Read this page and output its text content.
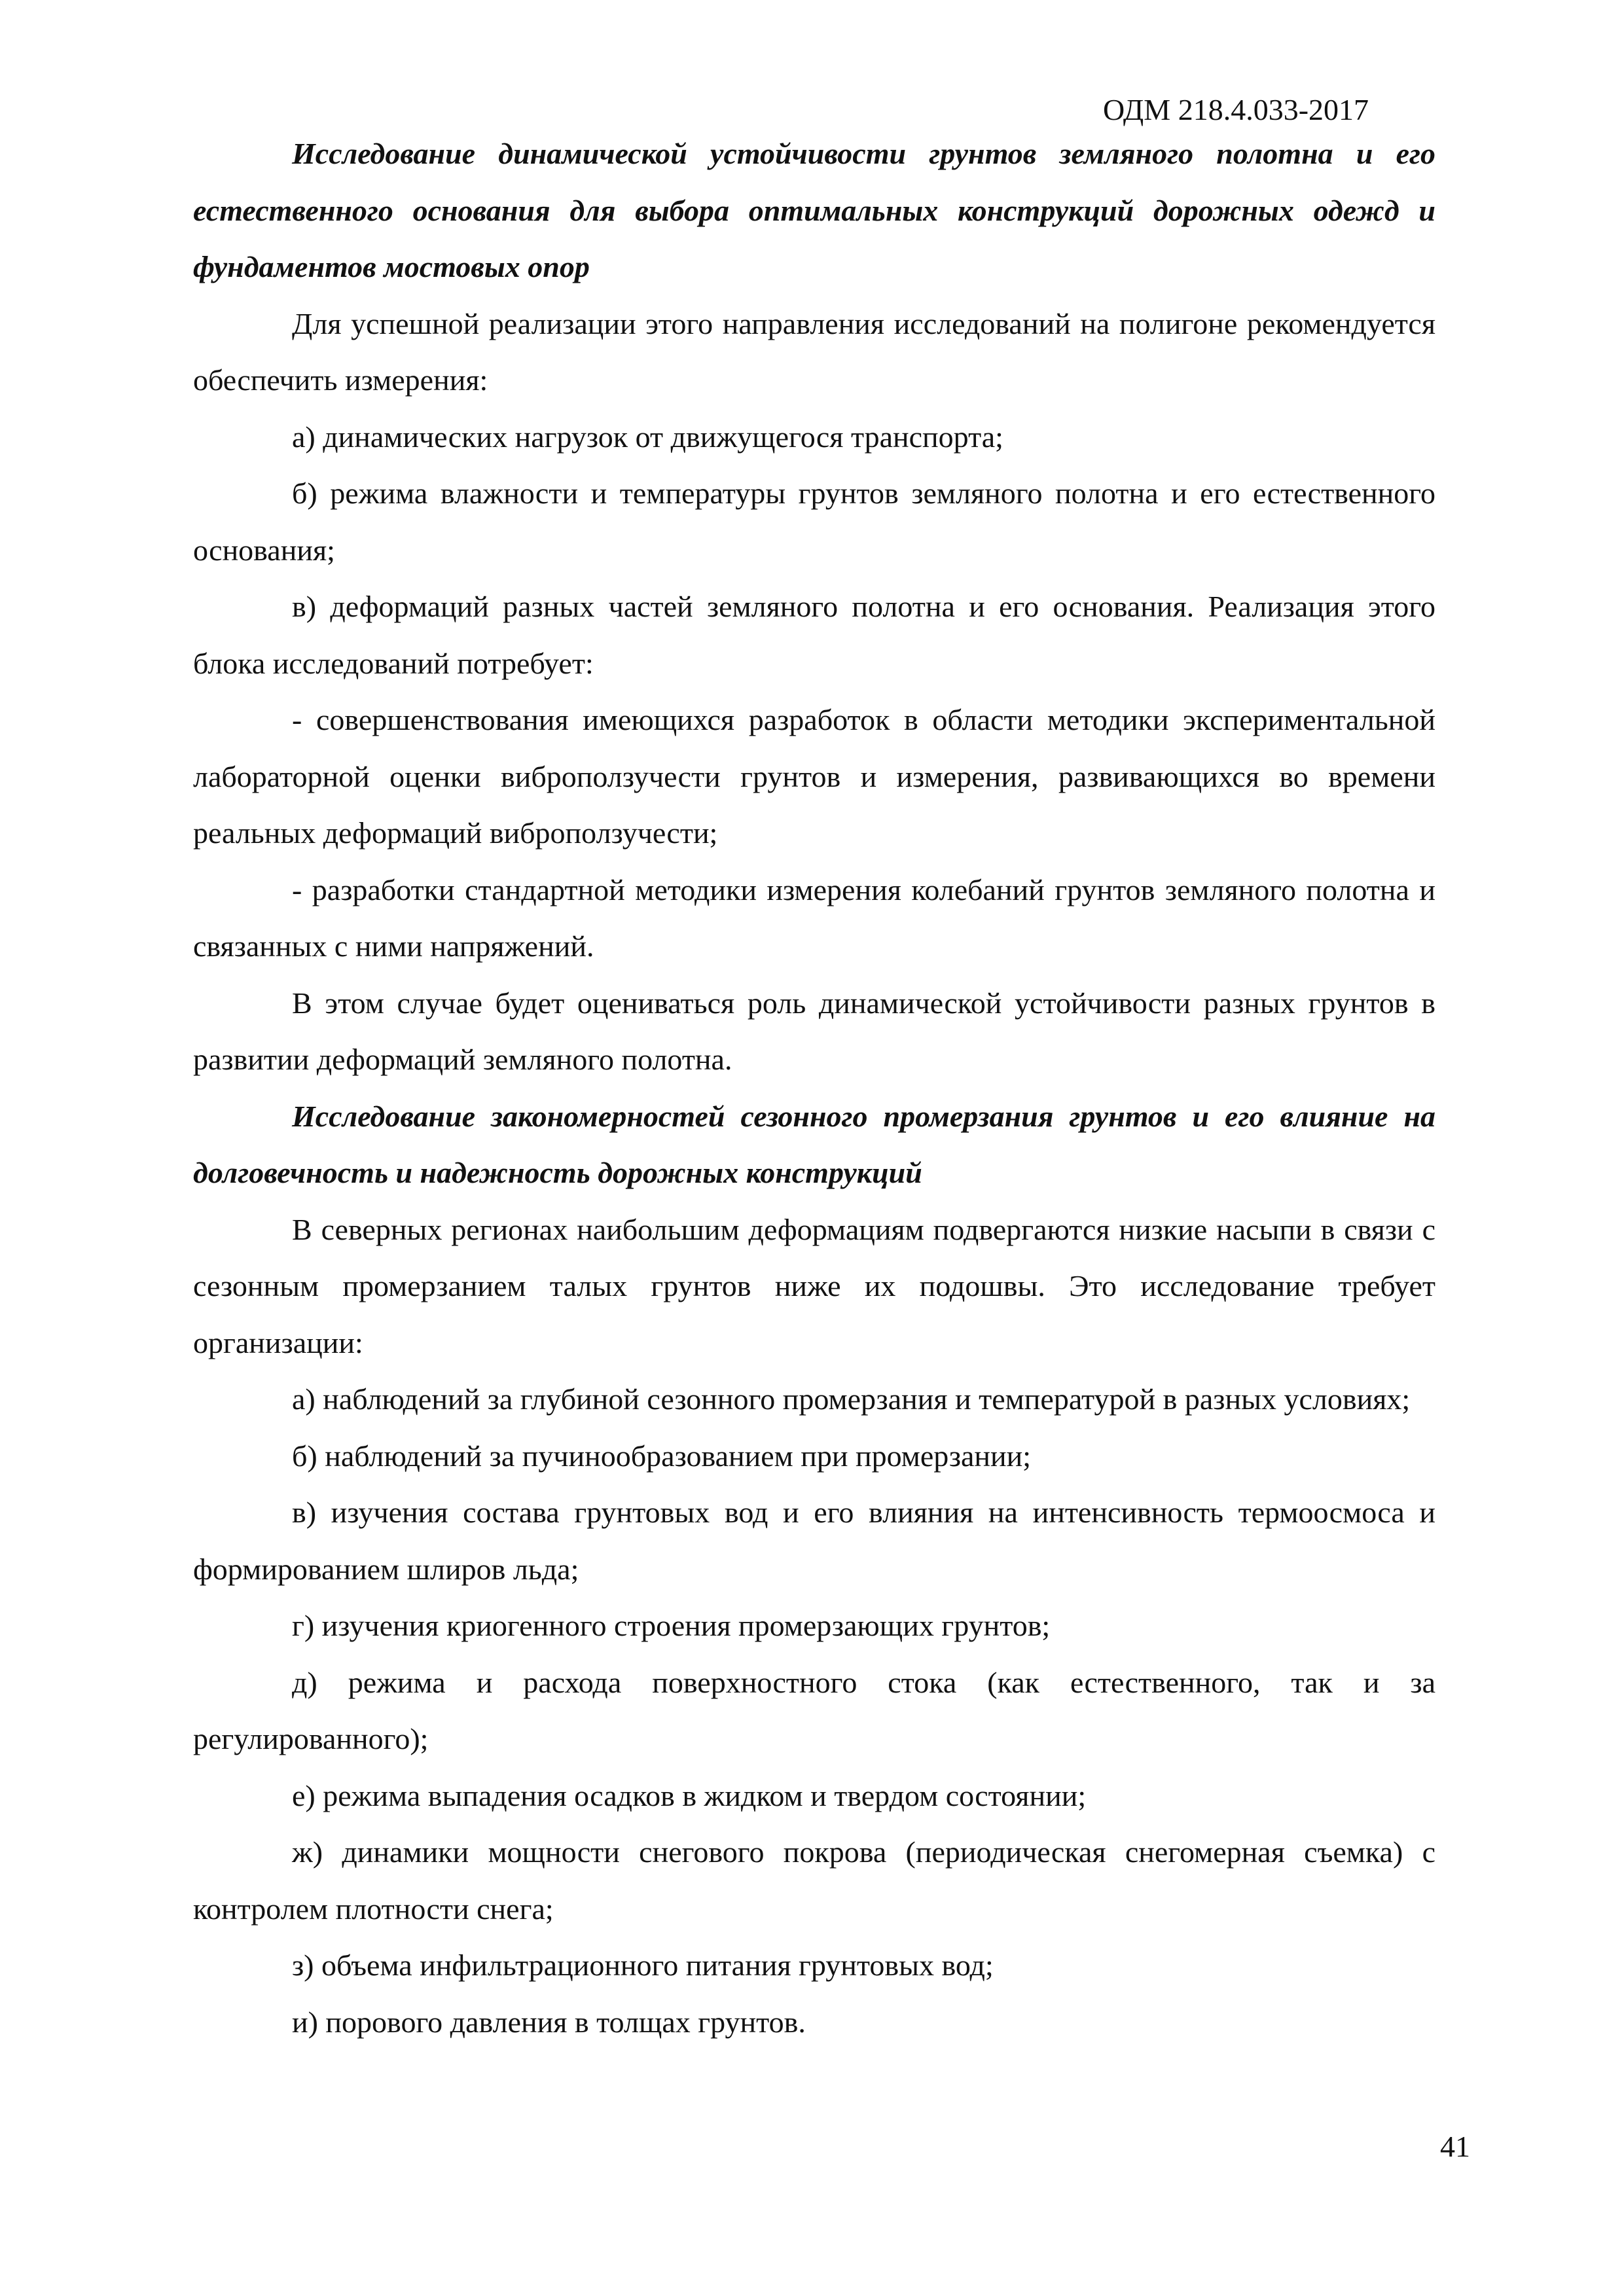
ОДМ 218.4.033-2017

Исследование динамической устойчивости грунтов земляного полотна и его естественного основания для выбора оптимальных конструкций дорожных одежд и фундаментов мостовых опор

Для успешной реализации этого направления исследований на полигоне рекомендуется обеспечить измерения:

а) динамических нагрузок от движущегося транспорта;

б) режима влажности и температуры грунтов земляного полотна и его естественного основания;

в) деформаций разных частей земляного полотна и его основания. Реализация этого блока исследований потребует:

- совершенствования имеющихся разработок в области методики экспериментальной лабораторной оценки виброползучести грунтов и измерения, развивающихся во времени реальных деформаций виброползучести;

- разработки стандартной методики измерения колебаний грунтов земляного полотна и связанных с ними напряжений.

В этом случае будет оцениваться роль динамической устойчивости разных грунтов в развитии деформаций земляного полотна.

Исследование закономерностей сезонного промерзания грунтов и его влияние на долговечность и надежность дорожных конструкций

В северных регионах наибольшим деформациям подвергаются низкие насыпи в связи с сезонным промерзанием талых грунтов ниже их подошвы. Это исследование требует организации:

а) наблюдений за глубиной сезонного промерзания и температурой в разных условиях;

б) наблюдений за пучинообразованием при промерзании;

в) изучения состава грунтовых вод и его влияния на интенсивность термоосмоса и формированием шлиров льда;

г) изучения криогенного строения промерзающих грунтов;

д) режима и расхода поверхностного стока (как естественного, так и за регулированного);

е) режима выпадения осадков в жидком и твердом состоянии;

ж) динамики мощности снегового покрова (периодическая снегомерная съемка) с контролем плотности снега;

з) объема инфильтрационного питания грунтовых вод;

и) порового давления в толщах грунтов.

41
